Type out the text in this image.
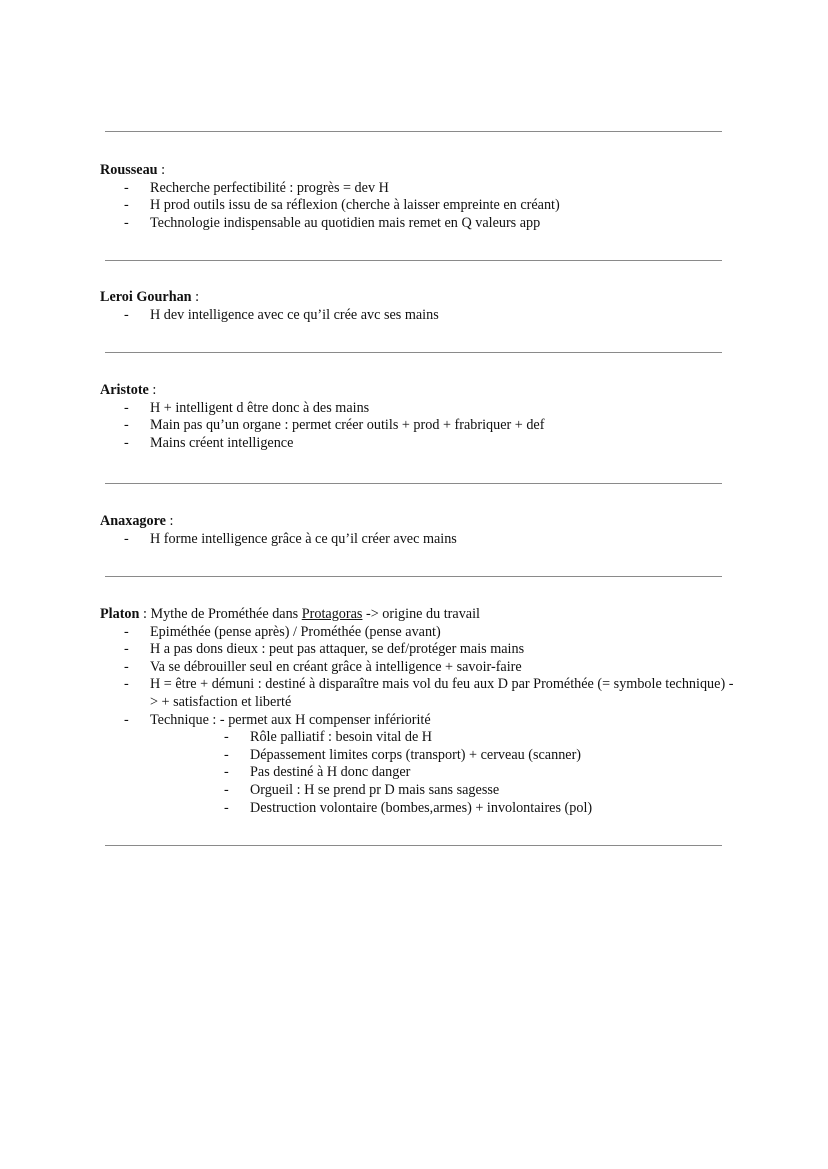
Rousseau :

- Recherche perfectibilité : progrès = dev H
- H prod outils issu de sa réflexion (cherche à laisser empreinte en créant)
- Technologie indispensable au quotidien mais remet en Q valeurs app

Leroi Gourhan :

- H dev intelligence avec ce qu’il crée avc ses mains

Aristote :

- H + intelligent d être donc à des mains
- Main pas qu’un organe : permet créer outils + prod + frabriquer + def
- Mains créent intelligence

Anaxagore :

- H forme intelligence grâce à ce qu’il créer avec mains

Platon : Mythe de Prométhée dans Protagoras -> origine du travail

- Epiméthée (pense après) / Prométhée (pense avant)
- H a pas dons dieux : peut pas attaquer, se def/protéger mais mains
- Va se débrouiller seul en créant grâce à intelligence + savoir-faire
- H = être + démuni : destiné à disparaître mais vol du feu aux D par Prométhée (= symbole technique) -> + satisfaction et liberté
- Technique : - permet aux H compenser infériorité
- Rôle palliatif : besoin vital de H
- Dépassement limites corps (transport) + cerveau (scanner)
- Pas destiné à H donc danger
- Orgueil : H se prend pr D mais sans sagesse
- Destruction volontaire (bombes,armes) + involontaires (pol)
